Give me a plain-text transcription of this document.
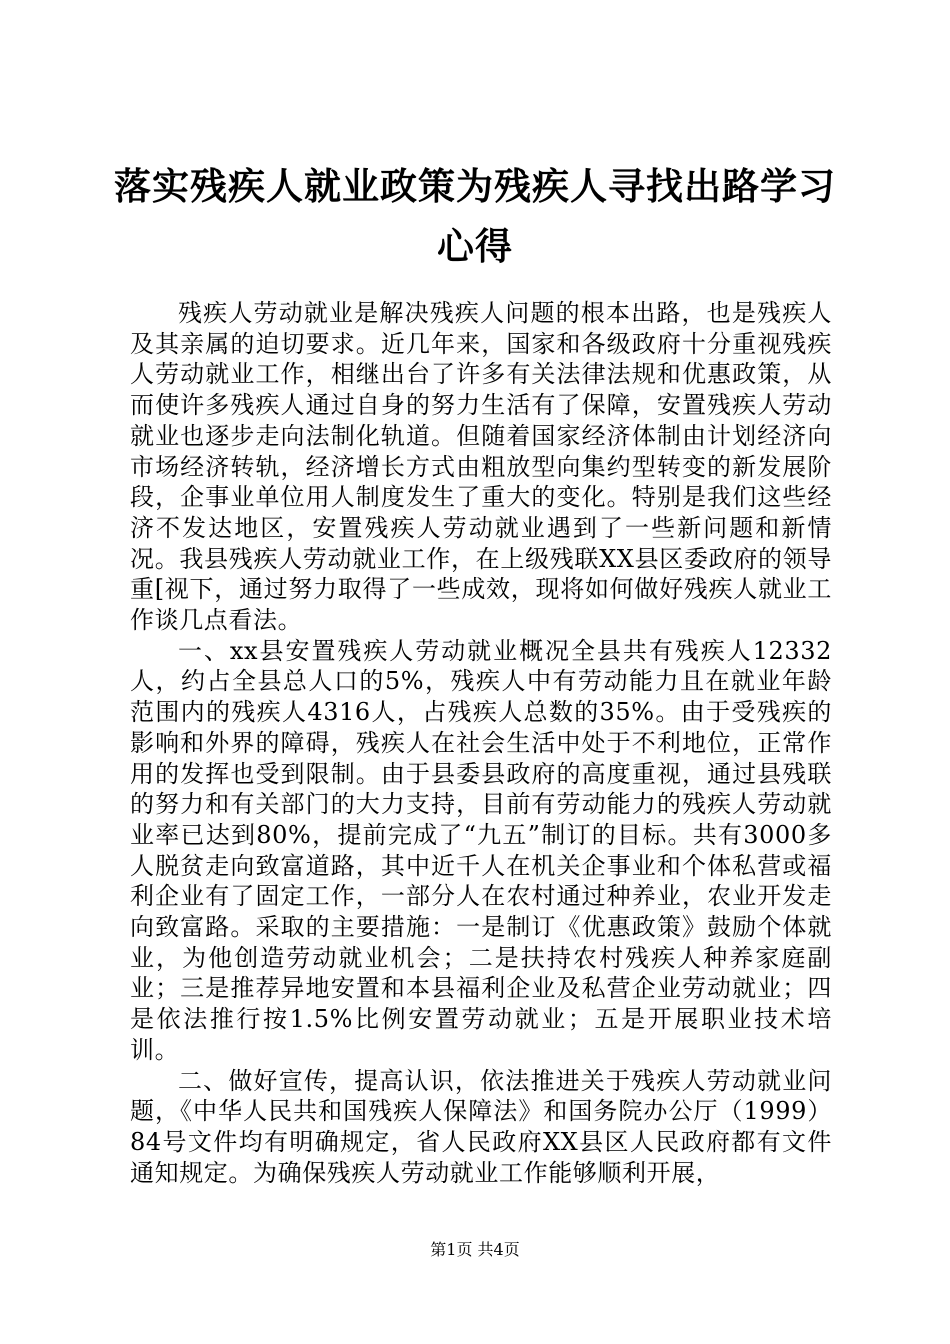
落实残疾人就业政策为残疾人寻找出路学习心得

残疾人劳动就业是解决残疾人问题的根本出路，也是残疾人及其亲属的迫切要求。近几年来，国家和各级政府十分重视残疾人劳动就业工作，相继出台了许多有关法律法规和优惠政策，从而使许多残疾人通过自身的努力生活有了保障，安置残疾人劳动就业也逐步走向法制化轨道。但随着国家经济体制由计划经济向市场经济转轨，经济增长方式由粗放型向集约型转变的新发展阶段，企事业单位用人制度发生了重大的变化。特别是我们这些经济不发达地区，安置残疾人劳动就业遇到了一些新问题和新情况。我县残疾人劳动就业工作，在上级残联XX县区委政府的领导重[视下，通过努力取得了一些成效，现将如何做好残疾人就业工作谈几点看法。

一、xx县安置残疾人劳动就业概况全县共有残疾人12332人，约占全县总人口的5%，残疾人中有劳动能力且在就业年龄范围内的残疾人4316人，占残疾人总数的35%。由于受残疾的影响和外界的障碍，残疾人在社会生活中处于不利地位，正常作用的发挥也受到限制。由于县委县政府的高度重视，通过县残联的努力和有关部门的大力支持，目前有劳动能力的残疾人劳动就业率已达到80%，提前完成了“九五”制订的目标。共有3000多人脱贫走向致富道路，其中近千人在机关企事业和个体私营或福利企业有了固定工作，一部分人在农村通过种养业，农业开发走向致富路。采取的主要措施：一是制订《优惠政策》鼓励个体就业，为他创造劳动就业机会；二是扶持农村残疾人种养家庭副业；三是推荐异地安置和本县福利企业及私营企业劳动就业；四是依法推行按1.5%比例安置劳动就业；五是开展职业技术培训。

二、做好宣传，提高认识，依法推进关于残疾人劳动就业问题，《中华人民共和国残疾人保障法》和国务院办公厅（1999）84号文件均有明确规定，省人民政府XX县区人民政府都有文件通知规定。为确保残疾人劳动就业工作能够顺利开展，

第1页 共4页
